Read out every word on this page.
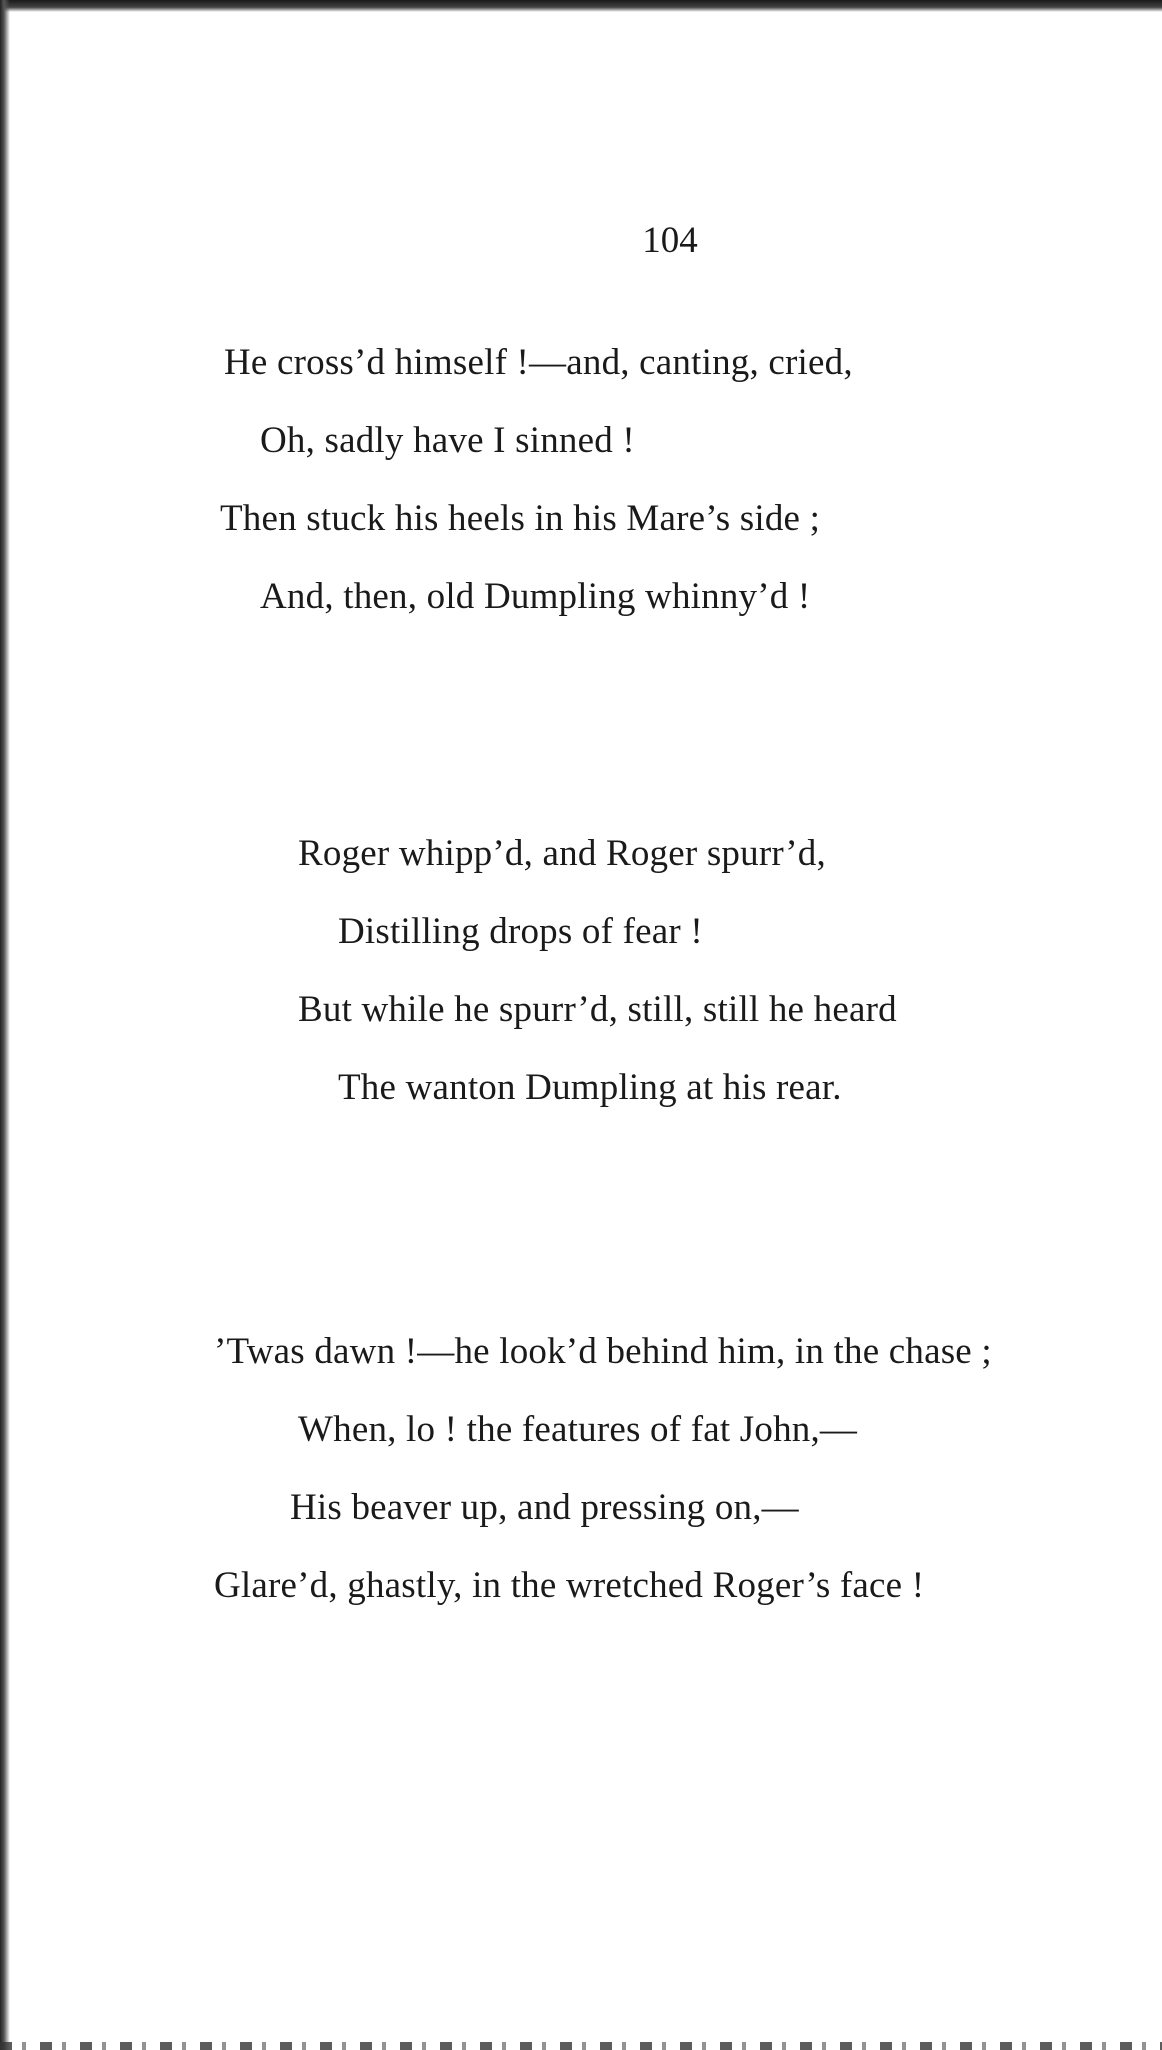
104
He cross’d himself !—and, canting, cried,
Oh, sadly have I sinned !
Then stuck his heels in his Mare’s side ;
And, then, old Dumpling whinny’d !
Roger whipp’d, and Roger spurr’d,
Distilling drops of fear !
But while he spurr’d, still, still he heard
The wanton Dumpling at his rear.
’Twas dawn !—he look’d behind him, in the chase ;
When, lo ! the features of fat John,—
His beaver up, and pressing on,—
Glare’d, ghastly, in the wretched Roger’s face !
